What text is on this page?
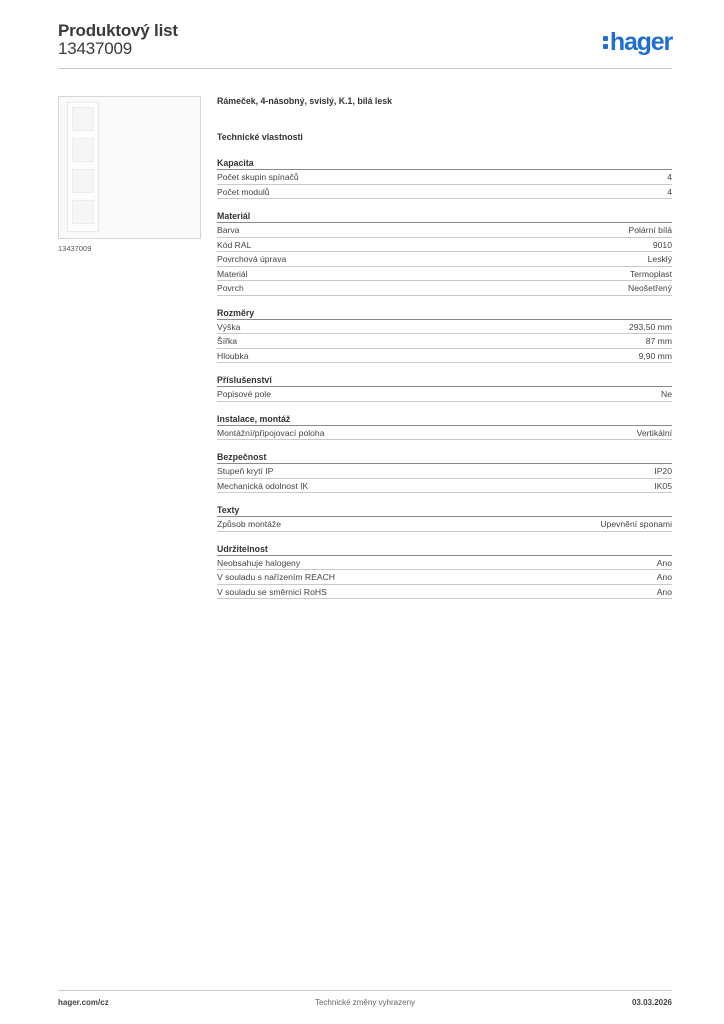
Produktový list
13437009	hager
13437009
Rámeček, 4-násobný, svislý, K.1, bílá lesk
Technické vlastnosti
Kapacita
Počet skupin spínačů	4
Počet modulů	4
Materiál
Barva	Polární bílá
Kód RAL	9010
Povrchová úprava	Lesklý
Materiál	Termoplast
Povrch	Neošetřený
Rozměry
Výška	293,50 mm
Šířka	87 mm
Hloubka	9,90 mm
Příslušenství
Popisové pole	Ne
Instalace, montáž
Montážní/připojovací poloha	Vertikální
Bezpečnost
Stupeň krytí IP	IP20
Mechanická odolnost IK	IK05
Texty
Způsob montáže	Upevnění sponami
Udržitelnost
Neobsahuje halogeny	Ano
V souladu s nařízením REACH	Ano
V souladu se směrnicí RoHS	Ano
hager.com/cz	Technické změny vyhrazeny	03.03.2026
